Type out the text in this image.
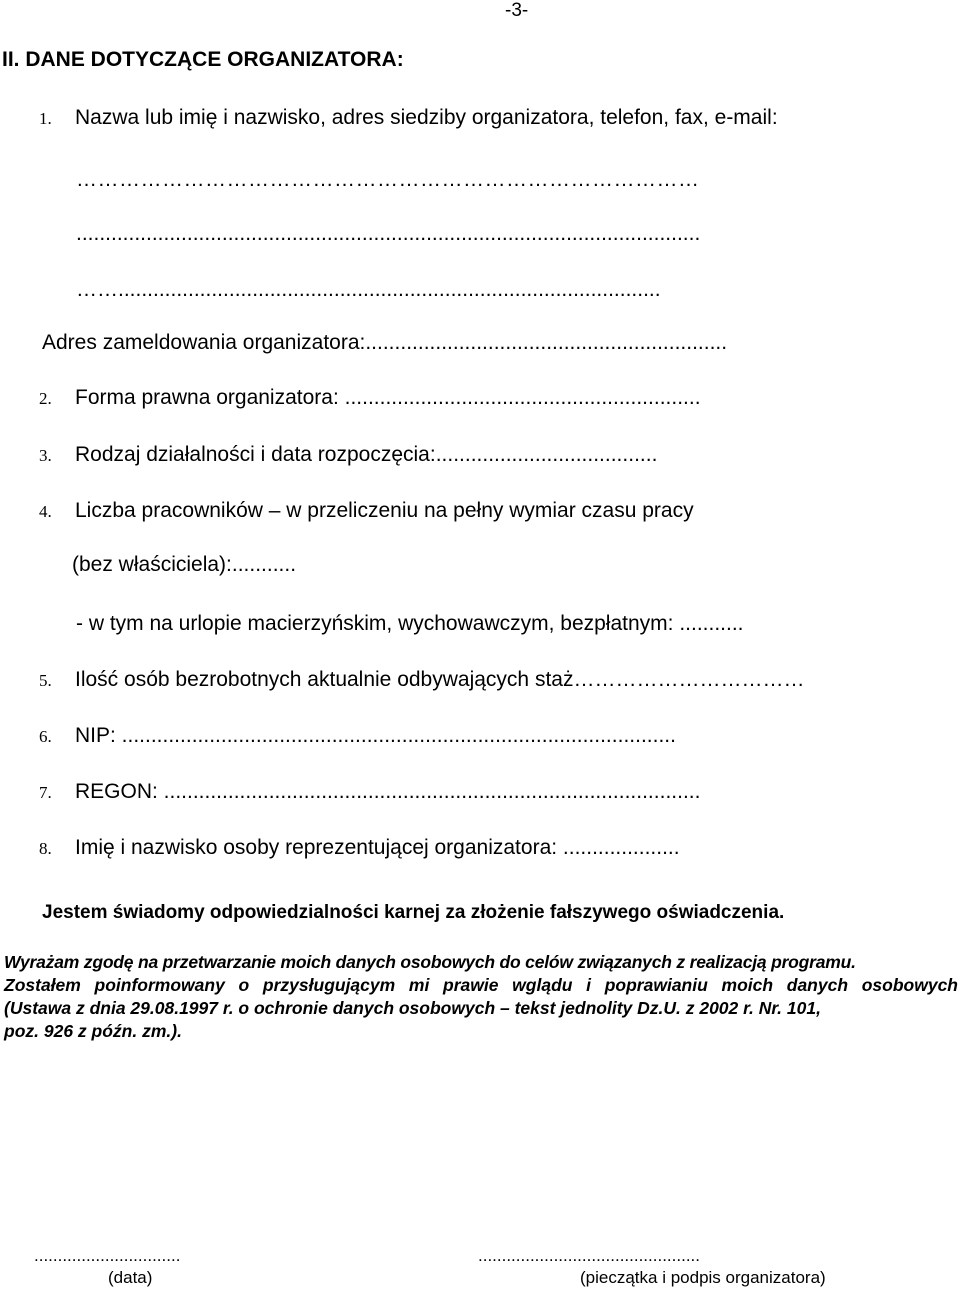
-3-
II. DANE DOTYCZĄCE ORGANIZATORA:
1. Nazwa lub imię i nazwisko, adres siedziby organizatora, telefon, fax, e-mail:
……………………………………………………………………………
...........................................................................................................
…….............................................................................................
Adres zameldowania organizatora:..............................................................
2. Forma prawna organizatora: .............................................................
3. Rodzaj działalności i data rozpoczęcia:......................................
4. Liczba pracowników – w przeliczeniu na pełny wymiar czasu pracy
(bez właściciela):...........
- w tym na urlopie macierzyńskim, wychowawczym, bezpłatnym: ...........
5. Ilość osób bezrobotnych aktualnie odbywających staż……………………………
6. NIP: ...............................................................................................
7. REGON: ............................................................................................
8. Imię i nazwisko osoby reprezentującej organizatora: ....................
Jestem świadomy odpowiedzialności karnej za złożenie fałszywego oświadczenia.

Wyrażam zgodę na przetwarzanie moich danych osobowych do celów związanych z realizacją programu.

Zostałem poinformowany o przysługującym mi prawie wglądu i poprawianiu moich danych osobowych

(Ustawa z dnia 29.08.1997 r. o ochronie danych osobowych – tekst jednolity Dz.U. z 2002 r. Nr. 101,

poz. 926 z późn. zm.).

...............................
(data)
...............................................
(pieczątka i podpis organizatora)
